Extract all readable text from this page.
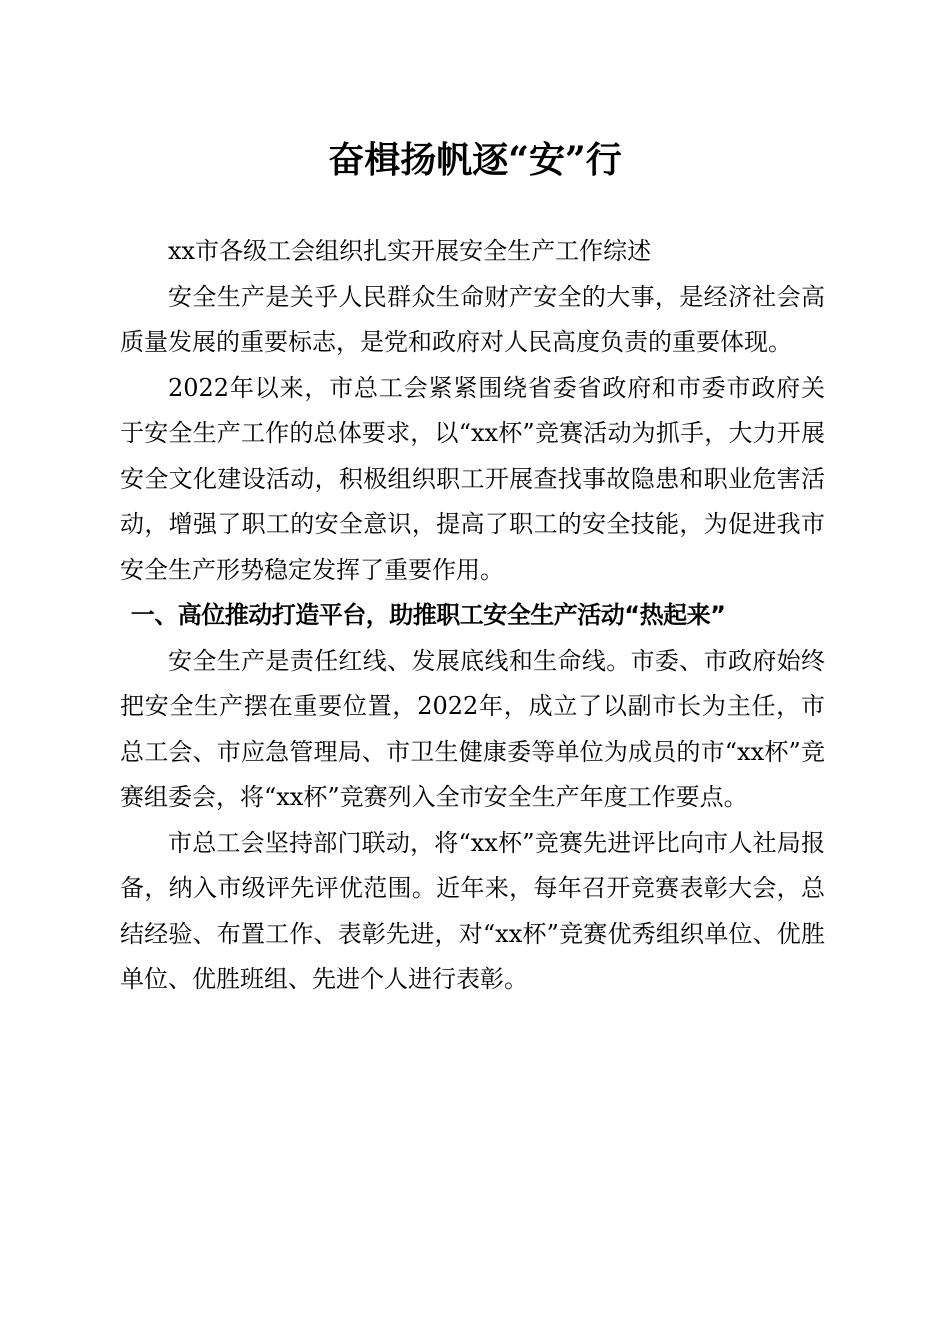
奋楫扬帆逐“安”行

xx市各级工会组织扎实开展安全生产工作综述

安全生产是关乎人民群众生命财产安全的大事，是经济社会高质量发展的重要标志，是党和政府对人民高度负责的重要体现。

2022年以来，市总工会紧紧围绕省委省政府和市委市政府关于安全生产工作的总体要求，以“xx杯”竞赛活动为抓手，大力开展安全文化建设活动，积极组织职工开展查找事故隐患和职业危害活动，增强了职工的安全意识，提高了职工的安全技能，为促进我市安全生产形势稳定发挥了重要作用。

一、高位推动打造平台，助推职工安全生产活动“热起来”

安全生产是责任红线、发展底线和生命线。市委、市政府始终把安全生产摆在重要位置，2022年，成立了以副市长为主任，市总工会、市应急管理局、市卫生健康委等单位为成员的市“xx杯”竞赛组委会，将“xx杯”竞赛列入全市安全生产年度工作要点。

市总工会坚持部门联动，将“xx杯”竞赛先进评比向市人社局报备，纳入市级评先评优范围。近年来，每年召开竞赛表彰大会，总结经验、布置工作、表彰先进，对“xx杯”竞赛优秀组织单位、优胜单位、优胜班组、先进个人进行表彰。
